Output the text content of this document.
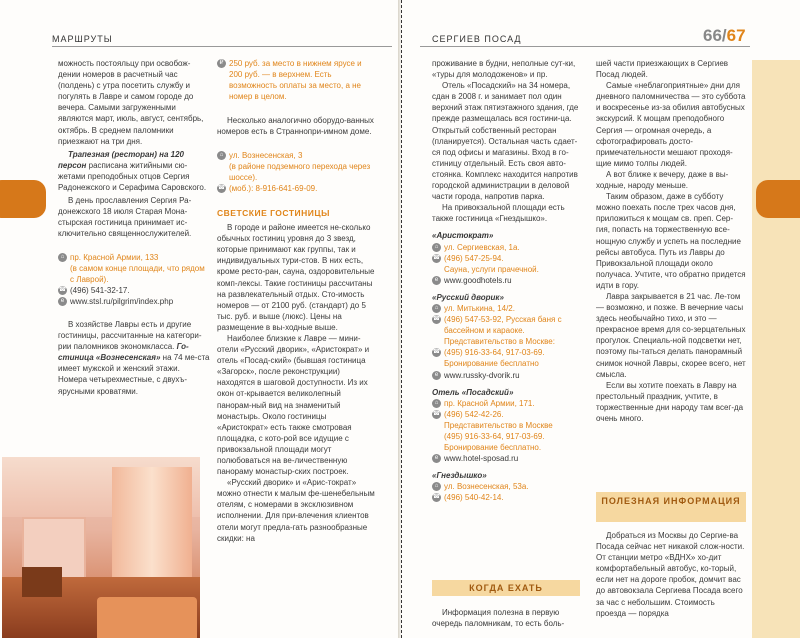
МАРШРУТЫ

можность постояльцу при освобож-дении номеров в расчетный час (полдень) с утра посетить службу и погулять в Лавре и самом городе до вечера. Самыми загруженными являются март, июль, август, сентябрь, октябрь. В среднем паломники приезжают на три дня.

Трапезная (ресторан) на 120 персон расписана житийными сю-жетами преподобных отцов Сергия Радонежского и Серафима Саровского.

В день прославления Сергия Ра-донежского 18 июля Старая Мона-стырская гостиница принимает ис-ключительно священнослужителей.

⌂ пр. Красной Армии, 133
(в самом конце площади, что рядом с Лаврой).
☎ (496) 541-32-17.
e www.stsl.ru/pilgrim/index.php

В хозяйстве Лавры есть и другие гостиницы, рассчитанные на категори-рии паломников экономкласса. Го-стиница «Вознесенская» на 74 ме-ста имеет мужской и женский этажи. Номера четырехместные, с двухъ-ярусными кроватями.

₽ 250 руб. за место в нижнем ярусе и 200 руб. — в верхнем. Есть возможность оплаты за место, а не номер в целом.

Несколько аналогично оборудо-ванных номеров есть в Страннопри-имном доме.

⌂ ул. Вознесенская, 3
(в районе подземного перехода через шоссе).
☎ (моб.): 8-916-641-69-09.
СВЕТСКИЕ ГОСТИНИЦЫ

В городе и районе имеется не-сколько обычных гостиниц уровня до 3 звезд, которые принимают как группы, так и индивидуальных тури-стов. В них есть, кроме ресто-ран, сауна, оздоровительные комп-лексы. Такие гостиницы рассчитаны на развлекательный отдых. Сто-имость номеров — от 2100 руб. (стандарт) до 5 тыс. руб. и выше (люкс). Цены на размещение в вы-ходные выше.

Наиболее близкие к Лавре — мини-отели «Русский дворик», «Аристократ» и отель «Посад-ский» (бывшая гостиница «Загорск», после реконструкции) находятся в шаговой доступности. Из их окон от-крывается великолепный панорам-ный вид на знаменитый монастырь. Около гостиницы «Аристократ» есть также смотровая площадка, с кото-рой все идущие с привокзальной площади могут полюбоваться на ве-личественную панораму монастыр-ских построек.

«Русский дворик» и «Арис-тократ» можно отнести к малым фе-шенебельным отелям, с номерами в эксклюзивном исполнении. Для при-влечения клиентов отели могут предла-гать разнообразные скидки: на

СЕРГИЕВ ПОСАД	66/67

проживание в будни, неполные сут-ки, «туры для молодоженов» и пр.

Отель «Посадский» на 34 номера, сдан в 2008 г. и занимает пол один верхний этаж пятиэтажного здания, где прежде размещалась вся гостини-ца. Открытый собственный ресторан (планируется). Остальная часть сдает-ся под офисы и магазины. Вход в го-стиницу отдельный. Есть своя авто-стоянка. Комплекс находится напротив городской администрации в деловой части города, напротив парка.

На привокзальной площади есть также гостиница «Гнездышко».

«Аристократ»
⌂ ул. Сергиевская, 1а.
☎ (496) 547-25-94.
Сауна, услуги прачечной.
e www.goodhotels.ru
«Русский дворик»
⌂ ул. Митькина, 14/2.
☎ (496) 547-53-92, Русская баня с бассейном и караоке.
Представительство в Москве:
☎ (495) 916-33-64, 917-03-69.
Бронирование бесплатно
e www.russky-dvorik.ru
Отель «Посадский»
⌂ пр. Красной Армии, 171.
☎ (496) 542-42-26.
Представительство в Москве
(495) 916-33-64, 917-03-69.
Бронирование бесплатно.
e www.hotel-sposad.ru
«Гнездышко»
⌂ ул. Вознесенская, 53а.
☎ (496) 540-42-14.
КОГДА ЕХАТЬ

Информация полезна в первую очередь паломникам, то есть боль-

шей части приезжающих в Сергиев Посад людей.

Самые «неблагоприятные» дни для дневного паломничества — это суббота и воскресенье из-за обилия автобусных экскурсий. К мощам преподобного Сергия — огромная очередь, а сфотографировать досто-примечательности мешают проходя-щие мимо толпы людей.

А вот ближе к вечеру, даже в вы-ходные, народу меньше.

Таким образом, даже в субботу можно поехать после трех часов дня, приложиться к мощам св. преп. Сер-гия, попасть на торжественную все-нощную службу и успеть на последние рейсы автобуса. Путь из Лавры до Привокзальной площади около получаса. Учтите, что обратно придется идти в гору.

Лавра закрывается в 21 час. Ле-том — возможно, и позже. В вечерние часы здесь необычайно тихо, и это — прекрасное время для со-зерцательных прогулок. Специаль-ной подсветки нет, поэтому пы-таться делать панорамный снимок ночной Лавры, скорее всего, нет смысла.

Если вы хотите поехать в Лавру на престольный праздник, учтите, в торжественные дни народу там всег-да очень много.

ПОЛЕЗНАЯ ИНФОРМАЦИЯ

Добраться из Москвы до Сергие-ва Посада сейчас нет никакой слож-ности. От станции метро «ВДНХ» хо-дит комфортабельный автобус, ко-торый, если нет на дороге пробок, домчит вас до автовокзала Сергиева Посада всего за час с небольшим. Стоимость проезда — порядка
